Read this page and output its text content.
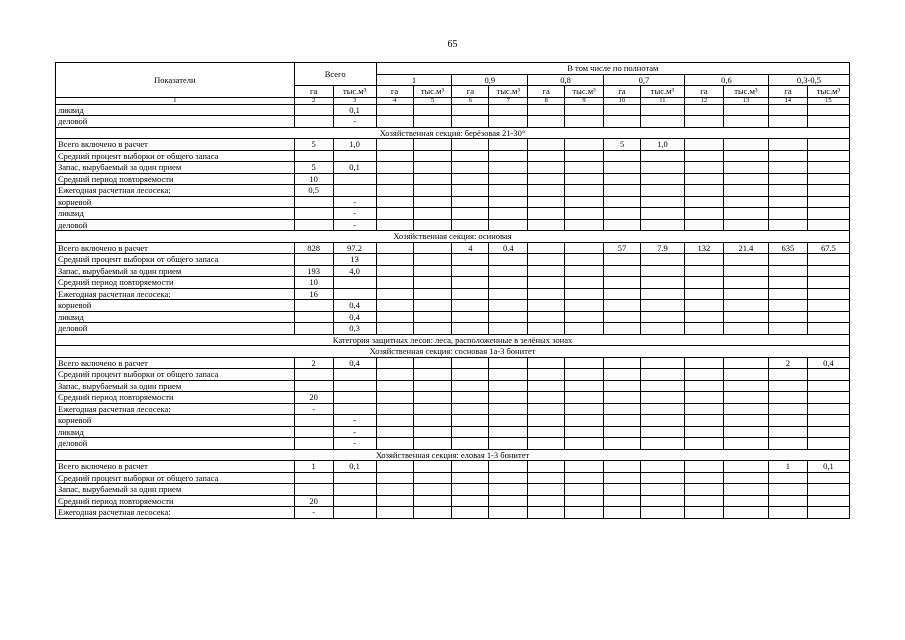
65
Показатели	Всего		В том числе по полнотам											
			1		0,9		0,8		0,7		0,6		0,3-0,5	
	га	тыс.м³	га	тыс.м³	га	тыс.м³	га	тыс.м³	га	тыс.м³	га	тыс.м³	га	тыс.м³
1	2	3	4	5	6	7	8	9	10	11	12	13	14	15
ликвид		0,1												
деловой		-												
Хозяйственная секция: берёзовая 21-30°														
Всего включено в расчет	5	1,0							5	1,0				
Средний процент выборки от общего запаса														
Запас, вырубаемый за один прием	5	0,1												
Средний период повторяемости	10													
Ежегодная расчетная лесосека:	0,5													
корневой		-												
ликвид		-												
деловой		-												
Хозяйственная секция: осиновая														
Всего включено в расчет	828	97.2			4	0.4			57	7.9	132	21.4	635	67.5
Средний процент выборки от общего запаса		13												
Запас, вырубаемый за один прием	193	4,0												
Средний период повторяемости	10													
Ежегодная расчетная лесосека:	16													
корневой		0,4												
ликвид		0,4												
деловой		0,3												
Категория защитных лесов: леса, расположенные в зелёных зонах														
Хозяйственная секция: сосновая 1а-3 бонитет														
Всего включено в расчет	2	0,4											2	0,4
Средний процент выборки от общего запаса														
Запас, вырубаемый за один прием														
Средний период повторяемости	20													
Ежегодная расчетная лесосека:	-													
корневой		-												
ликвид		-												
деловой		-												
Хозяйственная секция: еловая 1-3 бонитет														
Всего включено в расчет	1	0,1											1	0,1
Средний процент выборки от общего запаса														
Запас, вырубаемый за один прием														
Средний период повторяемости	20													
Ежегодная расчетная лесосека:	-													
